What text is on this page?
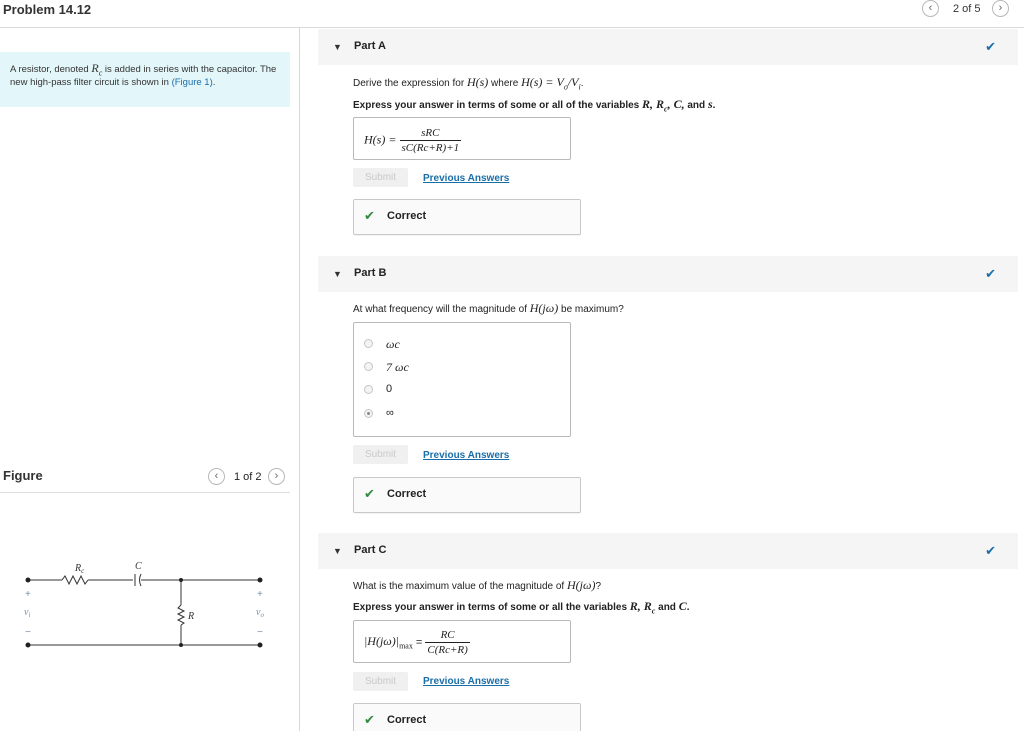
Problem 14.12	‹	2 of 5	›
A resistor, denoted $R_c$ is added in series with the capacitor. The new high-pass filter circuit is shown in (Figure 1).
Figure	‹	1 of 2	›
$R_c$	C
R
$v_i$	$v_o$
+
−
+
−
▼ Part A	✔
Derive the expression for H(s) where $H(s) = V_o/V_i$.
Express your answer in terms of some or all of the variables R, $R_c$, C, and s.
$H(s) = \frac{\text{sRC}}{sC(Rc+R)+1}$
Submit	Previous Answers
✔ Correct
▼ Part B	✔
At what frequency will the magnitude of H(jω) be maximum?
ωc
7 ωc
0
∞
Submit	Previous Answers
✔ Correct
▼ Part C	✔
What is the maximum value of the magnitude of H(jω)?
Express your answer in terms of some or all the variables R, $R_c$ and C.
$|H(j\omega)|_{max} = \frac{RC}{C(Rc+R)}$
Submit	Previous Answers
✔ Correct
